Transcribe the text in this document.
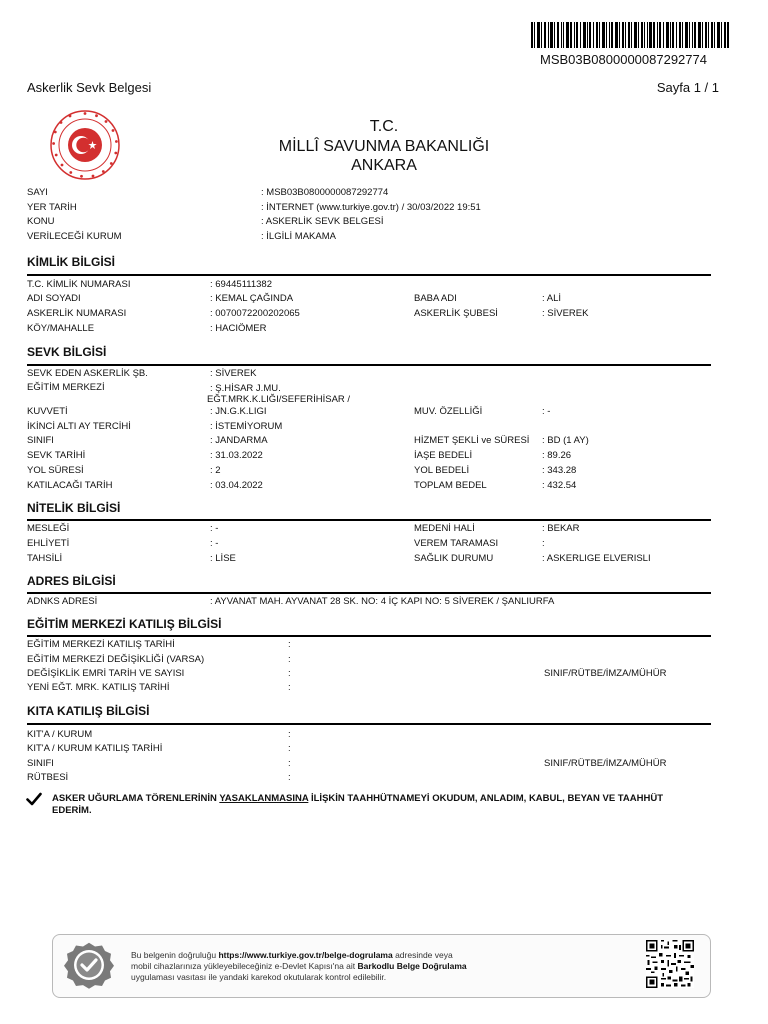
MSB03B0800000087292774
Askerlik Sevk Belgesi	Sayfa 1 / 1
T.C.
MİLLÎ SAVUNMA BAKANLIĞI
ANKARA
SAYI	: MSB03B0800000087292774
YER TARİH	: İNTERNET (www.turkiye.gov.tr) / 30/03/2022 19:51
KONU	: ASKERLİK SEVK BELGESİ
VERİLECEĞİ KURUM	: İLGİLİ MAKAMA
KİMLİK BİLGİSİ
T.C. KİMLİK NUMARASI	: 69445111382
ADI SOYADI	: KEMAL ÇAĞINDA	BABA ADI	: ALİ
ASKERLİK NUMARASI	: 0070072200202065	ASKERLİK ŞUBESİ	: SİVEREK
KÖY/MAHALLE	: HACIÖMER
SEVK BİLGİSİ
SEVK EDEN ASKERLİK ŞB.	: SİVEREK
EĞİTİM MERKEZİ	: Ş.HİSAR J.MU.
EĞT.MRK.K.LIĞI/SEFERİHİSAR /
KUVVETİ	: JN.G.K.LIGI	MUV. ÖZELLİĞİ	: -
İKİNCİ ALTI AY TERCİHİ	: İSTEMİYORUM
SINIFI	: JANDARMA	HİZMET ŞEKLİ ve SÜRESİ : BD (1 AY)
SEVK TARİHİ	: 31.03.2022	İAŞE BEDELİ	: 89.26
YOL SÜRESİ	: 2	YOL BEDELİ	: 343.28
KATILACAĞI TARİH	: 03.04.2022	TOPLAM BEDEL	: 432.54
NİTELİK BİLGİSİ
MESLEĞİ	: -	MEDENİ HALİ	: BEKAR
EHLİYETİ	: -	VEREM TARAMASI	:
TAHSİLİ	: LİSE	SAĞLIK DURUMU	: ASKERLIGE ELVERISLI
ADRES BİLGİSİ
ADNKS ADRESİ	: AYVANAT MAH. AYVANAT 28 SK. NO: 4 İÇ KAPI NO: 5 SİVEREK / ŞANLIURFA
EĞİTİM MERKEZİ KATILIŞ BİLGİSİ
EĞİTİM MERKEZİ KATILIŞ TARİHİ	:
EĞİTİM MERKEZİ DEĞİŞİKLİĞİ (VARSA)	:
DEĞİŞİKLİK EMRİ TARİH VE SAYISI	:	SINIF/RÜTBE/İMZA/MÜHÜR
YENİ EĞT. MRK. KATILIŞ TARİHİ	:
KITA KATILIŞ BİLGİSİ
KIT'A / KURUM	:
KIT'A / KURUM KATILIŞ TARİHİ	:
SINIFI	:	SINIF/RÜTBE/İMZA/MÜHÜR
RÜTBESİ	:
ASKER UĞURLAMA TÖRENLERİNİN YASAKLANMASINA İLİŞKİN TAAHHÜTNAMEYİ OKUDUM, ANLADIM, KABUL, BEYAN VE TAAHHÜT
EDERİM.
Bu belgenin doğruluğu https://www.turkiye.gov.tr/belge-dogrulama adresinde veya
mobil cihazlarınıza yükleyebileceğiniz e-Devlet Kapısı'na ait Barkodlu Belge Doğrulama
uygulaması vasıtası ile yandaki karekod okutularak kontrol edilebilir.
